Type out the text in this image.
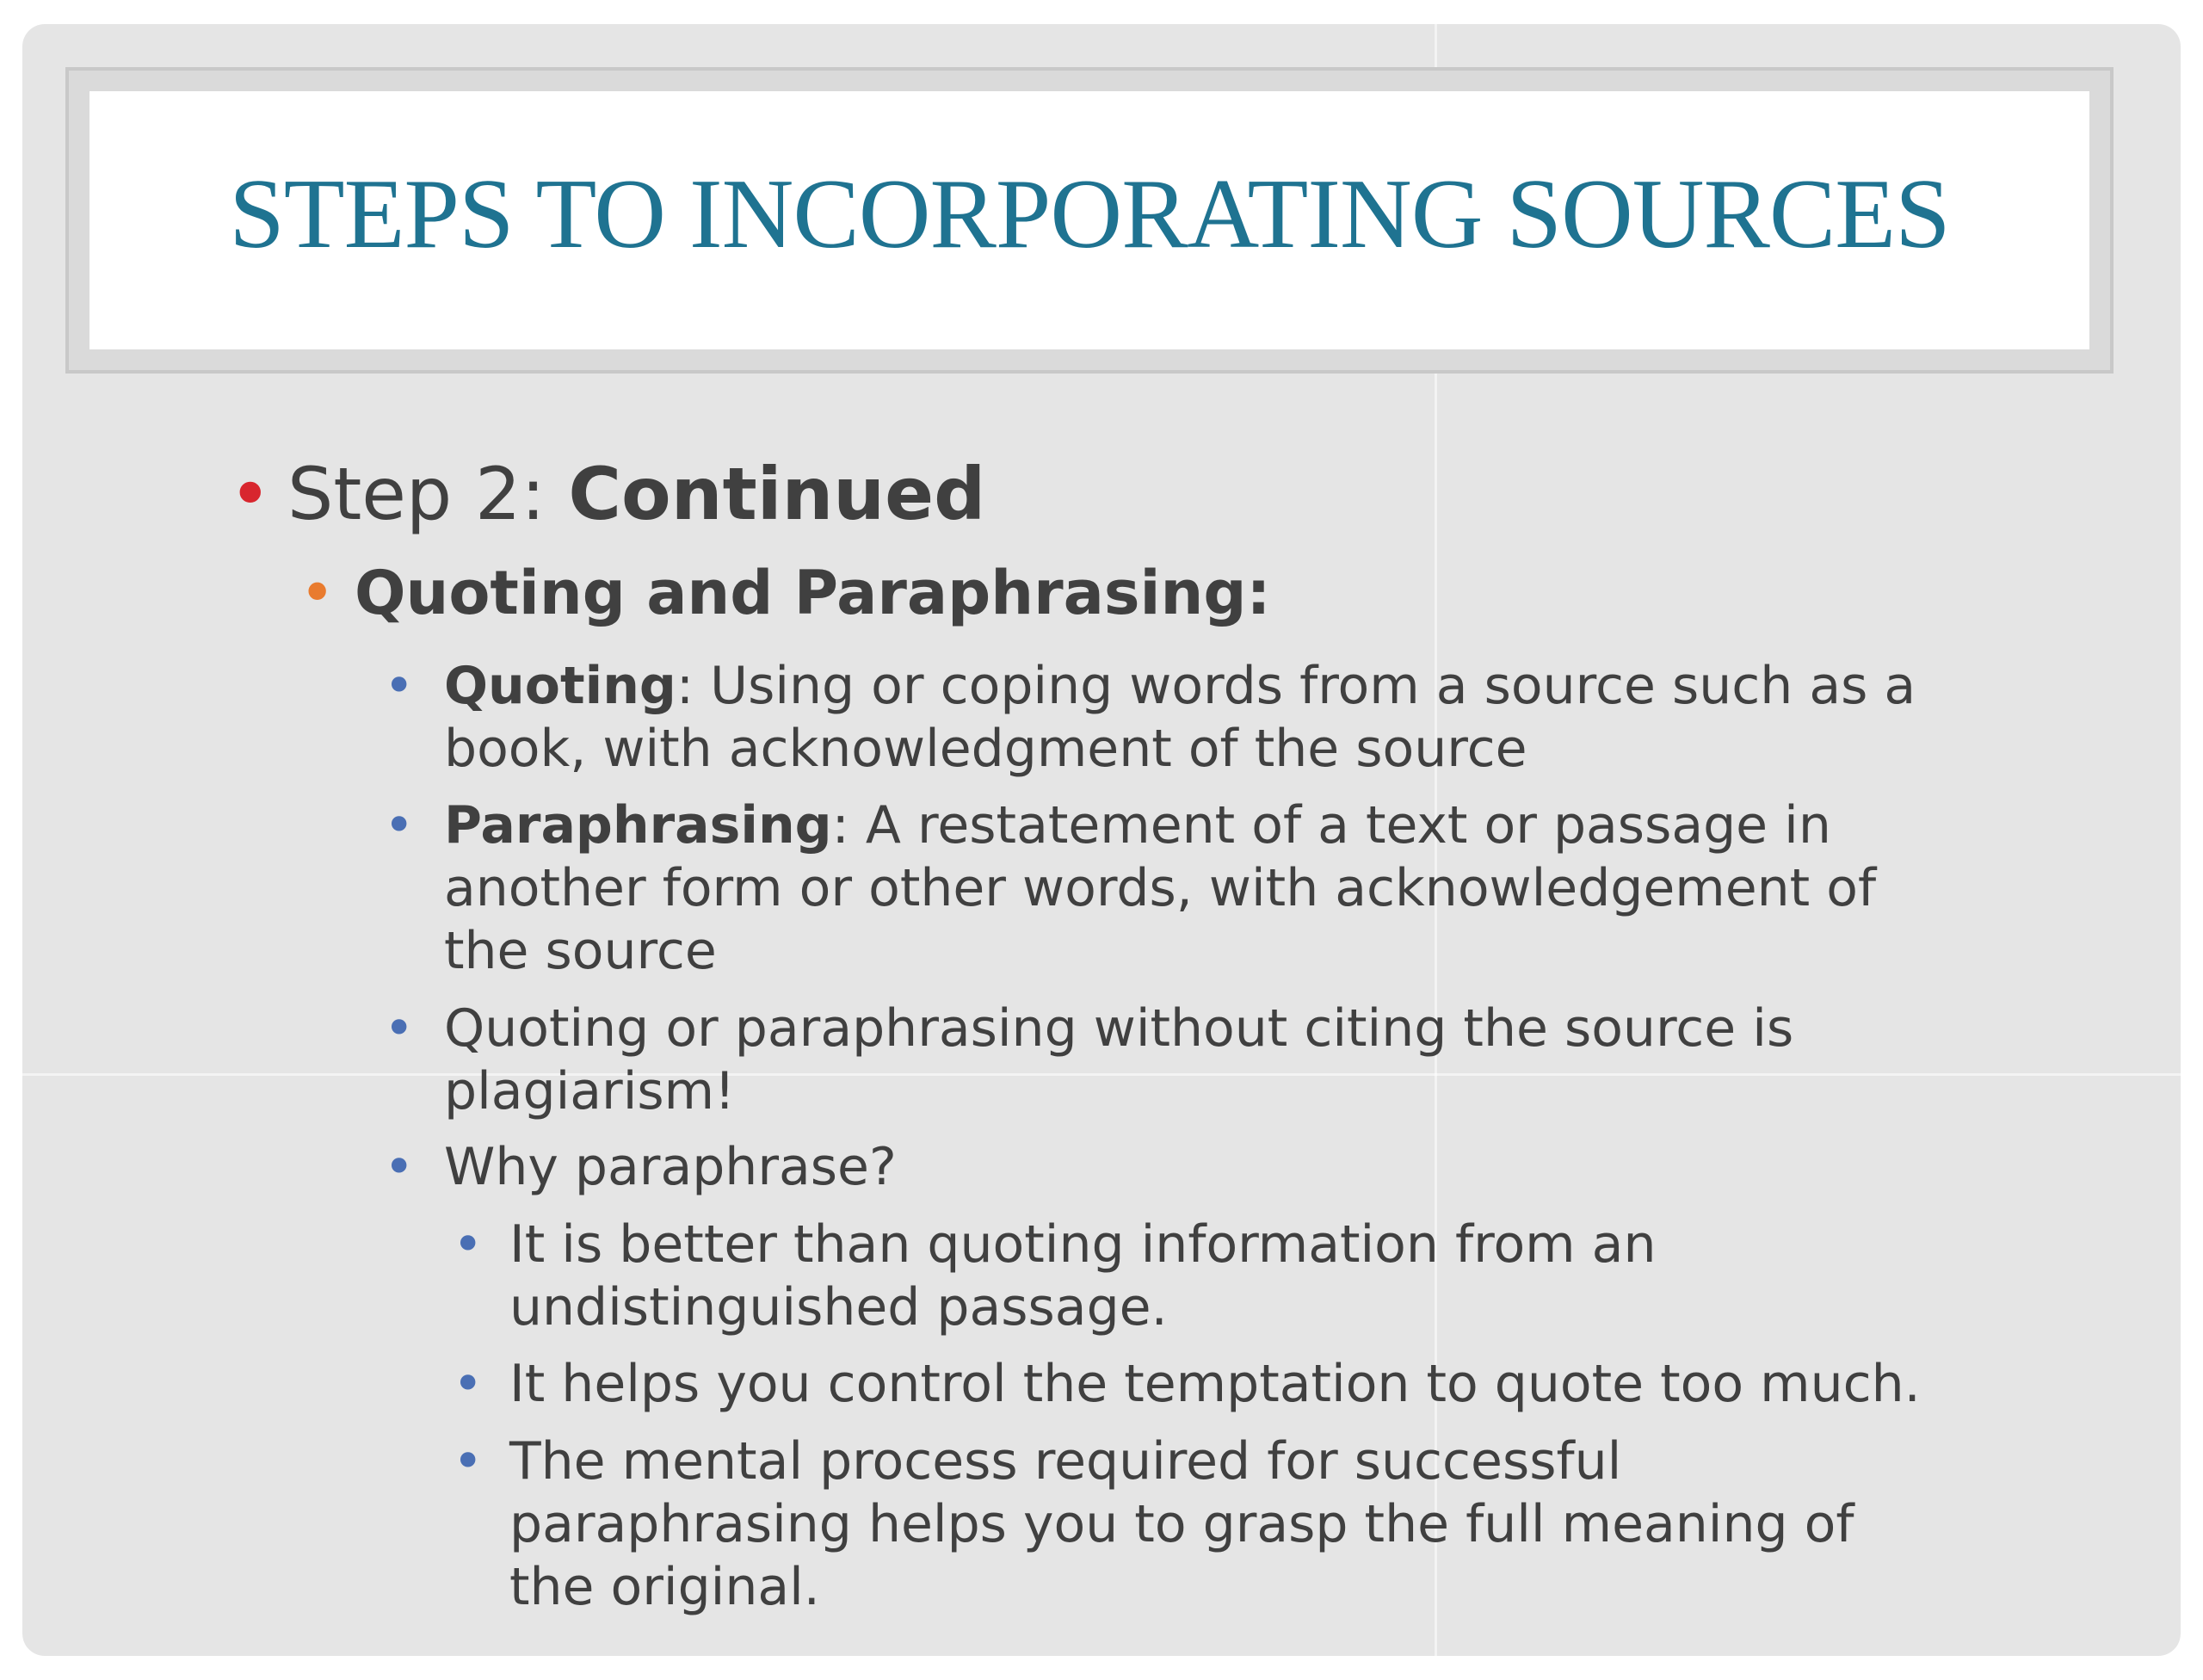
STEPS TO INCORPORATING SOURCES
• Step 2: Continued
• Quoting and Paraphrasing:
• Quoting: Using or coping words from a source such as a
book, with acknowledgment of the source
• Paraphrasing: A restatement of a text or passage in
another form or other words, with acknowledgement of
the source
• Quoting or paraphrasing without citing the source is
plagiarism!
• Why paraphrase?
• It is better than quoting information from an
undistinguished passage.
• It helps you control the temptation to quote too much.
• The mental process required for successful
paraphrasing helps you to grasp the full meaning of
the original.
